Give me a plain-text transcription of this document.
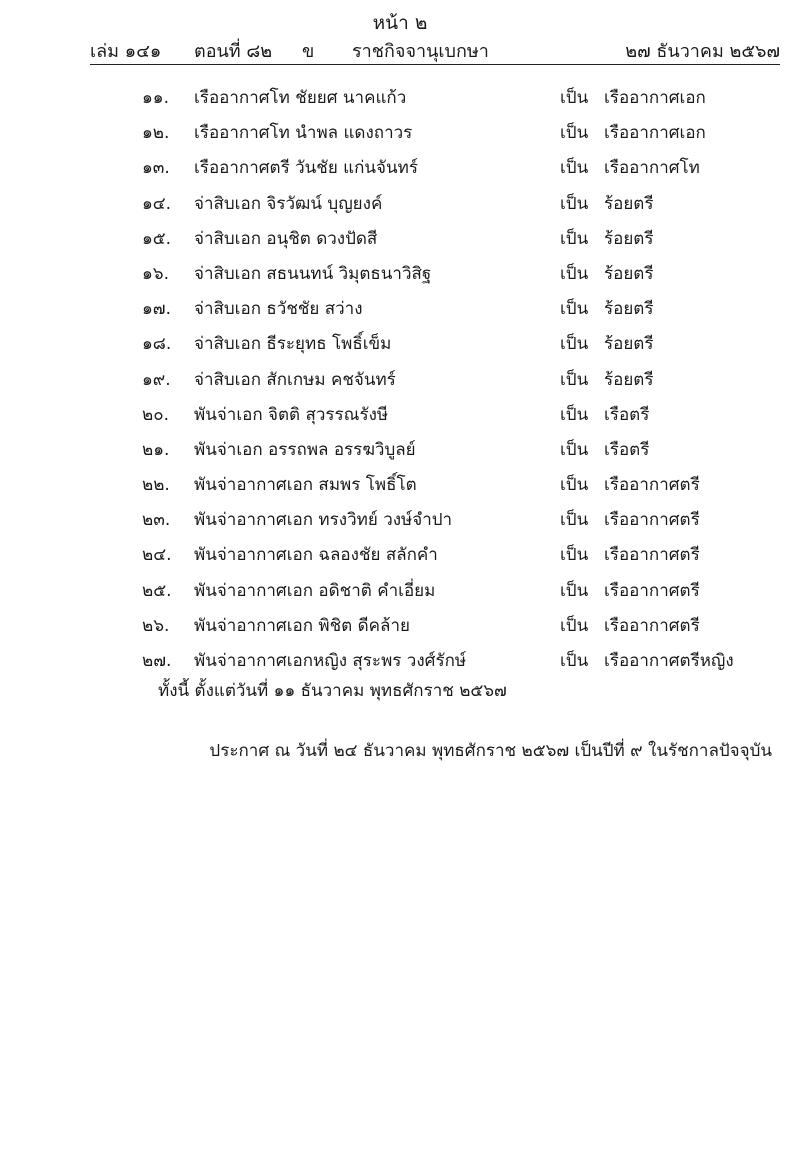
หน้า ๒
เล่ม ๑๔๑ ตอนที่ ๘๒ ข ราชกิจจานุเบกษา	๒๗ ธันวาคม ๒๕๖๗
๑๑. เรืออากาศโท ชัยยศ นาคแก้ว	เป็น เรืออากาศเอก
๑๒. เรืออากาศโท นำพล แดงถาวร	เป็น เรืออากาศเอก
๑๓. เรืออากาศตรี วันชัย แก่นจันทร์	เป็น เรืออากาศโท
๑๔. จ่าสิบเอก จิรวัฒน์ บุญยงค์	เป็น ร้อยตรี
๑๕. จ่าสิบเอก อนุชิต ดวงปัดสี	เป็น ร้อยตรี
๑๖. จ่าสิบเอก สธนนทน์ วิมุตธนาวิสิฐ	เป็น ร้อยตรี
๑๗. จ่าสิบเอก ธวัชชัย สว่าง	เป็น ร้อยตรี
๑๘. จ่าสิบเอก ธีระยุทธ โพธิ์เข็ม	เป็น ร้อยตรี
๑๙. จ่าสิบเอก สักเกษม คชจันทร์	เป็น ร้อยตรี
๒๐. พันจ่าเอก จิตติ สุวรรณรังษี	เป็น เรือตรี
๒๑. พันจ่าเอก อรรถพล อรรฆวิบูลย์	เป็น เรือตรี
๒๒. พันจ่าอากาศเอก สมพร โพธิ์โต	เป็น เรืออากาศตรี
๒๓. พันจ่าอากาศเอก ทรงวิทย์ วงษ์จำปา	เป็น เรืออากาศตรี
๒๔. พันจ่าอากาศเอก ฉลองชัย สลักคำ	เป็น เรืออากาศตรี
๒๕. พันจ่าอากาศเอก อดิชาติ คำเอี่ยม	เป็น เรืออากาศตรี
๒๖. พันจ่าอากาศเอก พิชิต ดีคล้าย	เป็น เรืออากาศตรี
๒๗. พันจ่าอากาศเอกหญิง สุระพร วงศ์รักษ์	เป็น เรืออากาศตรีหญิง
ทั้งนี้ ตั้งแต่วันที่ ๑๑ ธันวาคม พุทธศักราช ๒๕๖๗
ประกาศ ณ วันที่ ๒๔ ธันวาคม พุทธศักราช ๒๕๖๗ เป็นปีที่ ๙ ในรัชกาลปัจจุบัน
